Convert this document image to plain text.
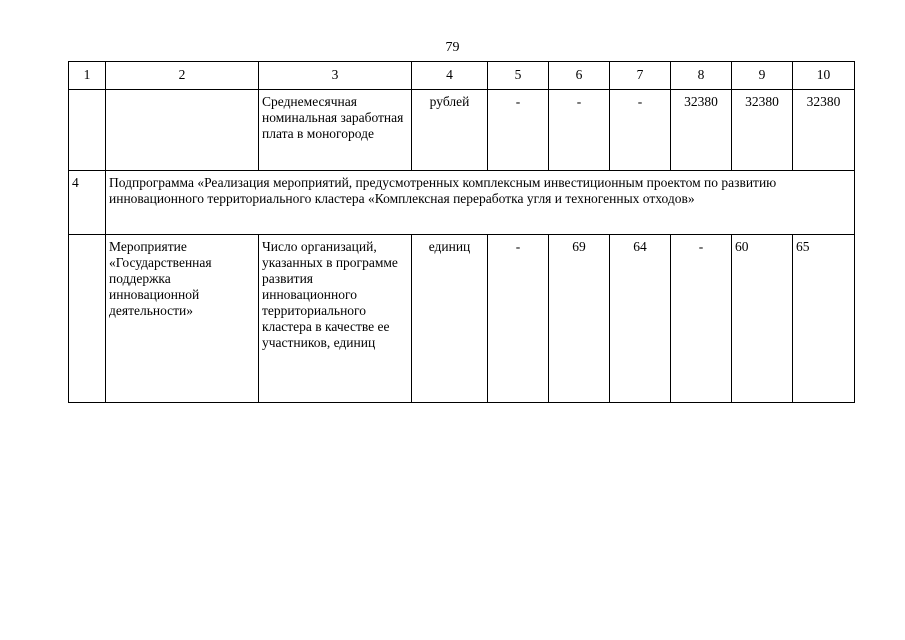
79
1	2	3	4	5	6	7	8	9	10
		Среднемесячная номинальная заработная плата в моногороде	рублей	-	-	-	32380	32380	32380
4	Подпрограмма «Реализация мероприятий, предусмотренных комплексным инвестиционным проектом по развитию инновационного территориального кластера «Комплексная переработка угля и техногенных отходов»								
	Мероприятие «Государственная поддержка инновационной деятельности»	Число организаций, указанных в программе развития инновационного территориального кластера в качестве ее участников, единиц	единиц	-	69	64	-	60	65
